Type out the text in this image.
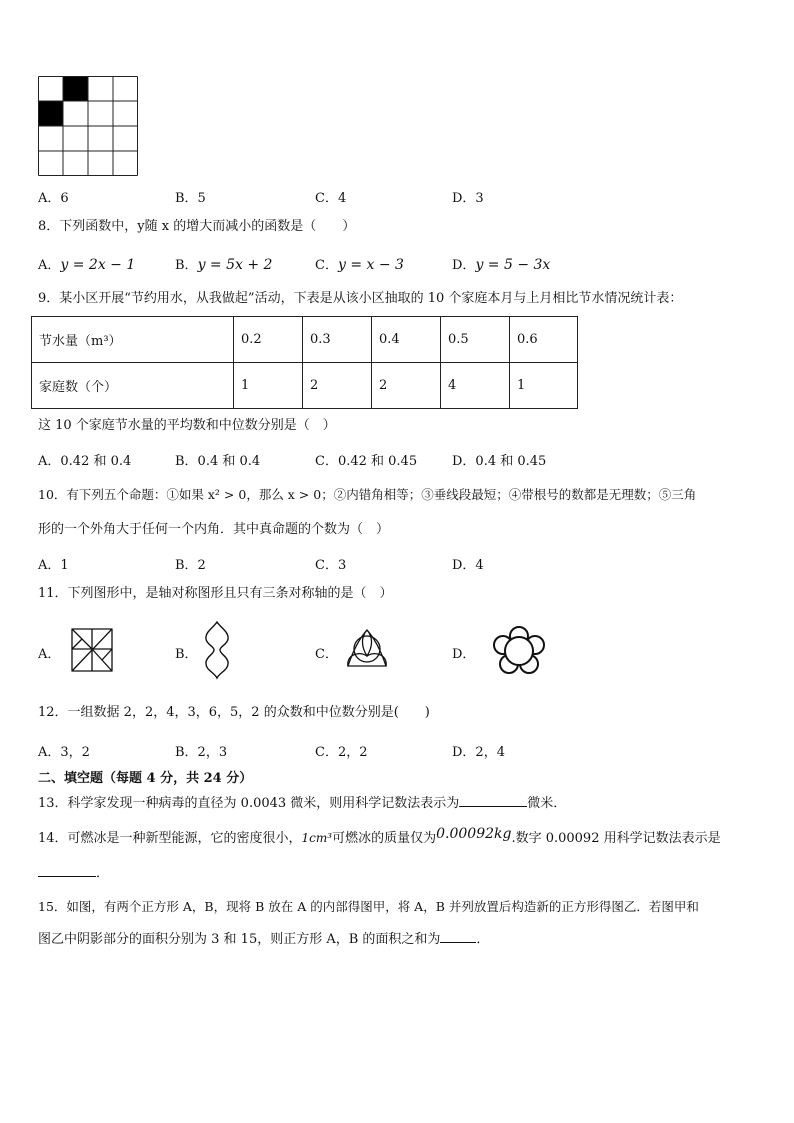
A．6	B．5	C．4	D．3
8．下列函数中，y随 x 的增大而减小的函数是（　　）
A．y = 2x − 1	B．y = 5x + 2	C．y = x − 3	D．y = 5 − 3x
9．某小区开展“节约用水，从我做起”活动，下表是从该小区抽取的 10 个家庭本月与上月相比节水情况统计表：
节水量（m³）	0.2	0.3	0.4	0.5	0.6
家庭数（个）	1	2	2	4	1
这 10 个家庭节水量的平均数和中位数分别是（　）
A．0.42 和 0.4	B．0.4 和 0.4	C．0.42 和 0.45	D．0.4 和 0.45
10．有下列五个命题：①如果 x² > 0，那么 x > 0；②内错角相等；③垂线段最短；④带根号的数都是无理数；⑤三角
形的一个外角大于任何一个内角．其中真命题的个数为（　）
A．1	B．2	C．3	D．4
11．下列图形中，是轴对称图形且只有三条对称轴的是（　）
A．	B．	C．	D．
12．一组数据 2，2，4，3，6，5，2 的众数和中位数分别是(　　)
A．3，2	B．2，3	C．2，2	D．2，4
二、填空题（每题 4 分，共 24 分）
13．科学家发现一种病毒的直径为 0.0043 微米，则用科学记数法表示为	微米．
14．可燃冰是一种新型能源，它的密度很小，1cm³可燃冰的质量仅为0.00092kg.数字 0.00092 用科学记数法表示是
．
15．如图，有两个正方形 A，B，现将 B 放在 A 的内部得图甲，将 A，B 并列放置后构造新的正方形得图乙．若图甲和
图乙中阴影部分的面积分别为 3 和 15，则正方形 A，B 的面积之和为	．
